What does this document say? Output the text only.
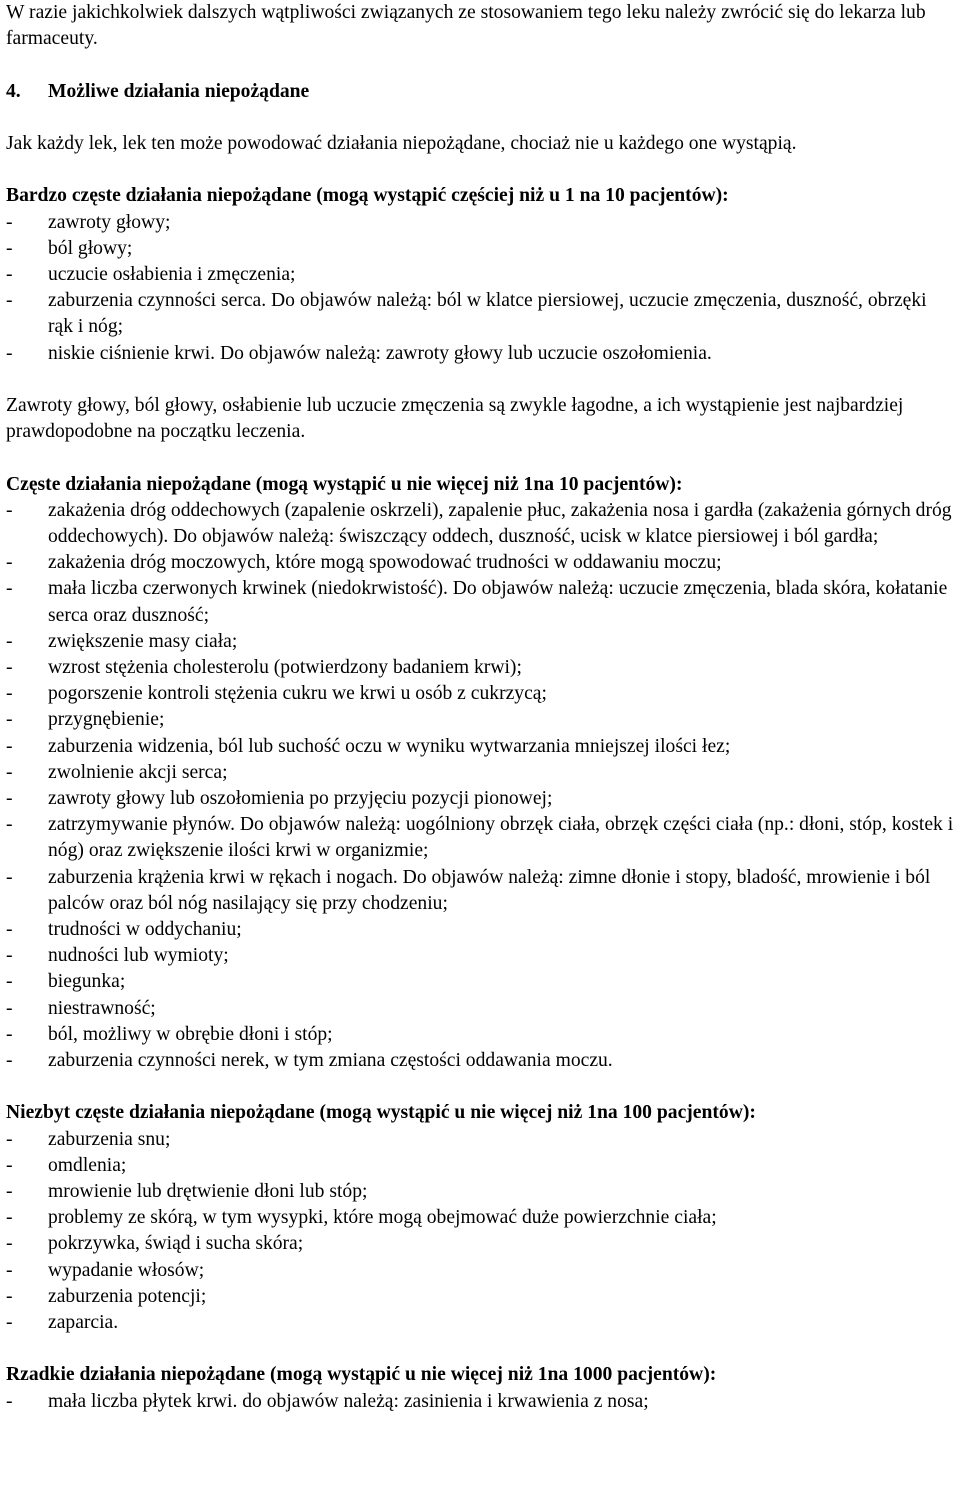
W razie jakichkolwiek dalszych wątpliwości związanych ze stosowaniem tego leku należy zwrócić się do lekarza lub farmaceuty.

4. Możliwe działania niepożądane

Jak każdy lek, lek ten może powodować działania niepożądane, chociaż nie u każdego one wystąpią.

Bardzo częste działania niepożądane (mogą wystąpić częściej niż u 1 na 10 pacjentów):

- zawroty głowy;
- ból głowy;
- uczucie osłabienia i zmęczenia;
- zaburzenia czynności serca. Do objawów należą: ból w klatce piersiowej, uczucie zmęczenia, duszność, obrzęki rąk i nóg;
- niskie ciśnienie krwi. Do objawów należą: zawroty głowy lub uczucie oszołomienia.

Zawroty głowy, ból głowy, osłabienie lub uczucie zmęczenia są zwykle łagodne, a ich wystąpienie jest najbardziej prawdopodobne na początku leczenia.

Częste działania niepożądane (mogą wystąpić u nie więcej niż 1na 10 pacjentów):

- zakażenia dróg oddechowych (zapalenie oskrzeli), zapalenie płuc, zakażenia nosa i gardła (zakażenia górnych dróg oddechowych). Do objawów należą: świszczący oddech, duszność, ucisk w klatce piersiowej i ból gardła;
- zakażenia dróg moczowych, które mogą spowodować trudności w oddawaniu moczu;
- mała liczba czerwonych krwinek (niedokrwistość). Do objawów należą: uczucie zmęczenia, blada skóra, kołatanie serca oraz duszność;
- zwiększenie masy ciała;
- wzrost stężenia cholesterolu (potwierdzony badaniem krwi);
- pogorszenie kontroli stężenia cukru we krwi u osób z cukrzycą;
- przygnębienie;
- zaburzenia widzenia, ból lub suchość oczu w wyniku wytwarzania mniejszej ilości łez;
- zwolnienie akcji serca;
- zawroty głowy lub oszołomienia po przyjęciu pozycji pionowej;
- zatrzymywanie płynów. Do objawów należą: uogólniony obrzęk ciała, obrzęk części ciała (np.: dłoni, stóp, kostek i nóg) oraz zwiększenie ilości krwi w organizmie;
- zaburzenia krążenia krwi w rękach i nogach. Do objawów należą: zimne dłonie i stopy, bladość, mrowienie i ból palców oraz ból nóg nasilający się przy chodzeniu;
- trudności w oddychaniu;
- nudności lub wymioty;
- biegunka;
- niestrawność;
- ból, możliwy w obrębie dłoni i stóp;
- zaburzenia czynności nerek, w tym zmiana częstości oddawania moczu.

Niezbyt częste działania niepożądane (mogą wystąpić u nie więcej niż 1na 100 pacjentów):

- zaburzenia snu;
- omdlenia;
- mrowienie lub drętwienie dłoni lub stóp;
- problemy ze skórą, w tym wysypki, które mogą obejmować duże powierzchnie ciała;
- pokrzywka, świąd i sucha skóra;
- wypadanie włosów;
- zaburzenia potencji;
- zaparcia.

Rzadkie działania niepożądane (mogą wystąpić u nie więcej niż 1na 1000 pacjentów):

- mała liczba płytek krwi. do objawów należą: zasinienia i krwawienia z nosa;
